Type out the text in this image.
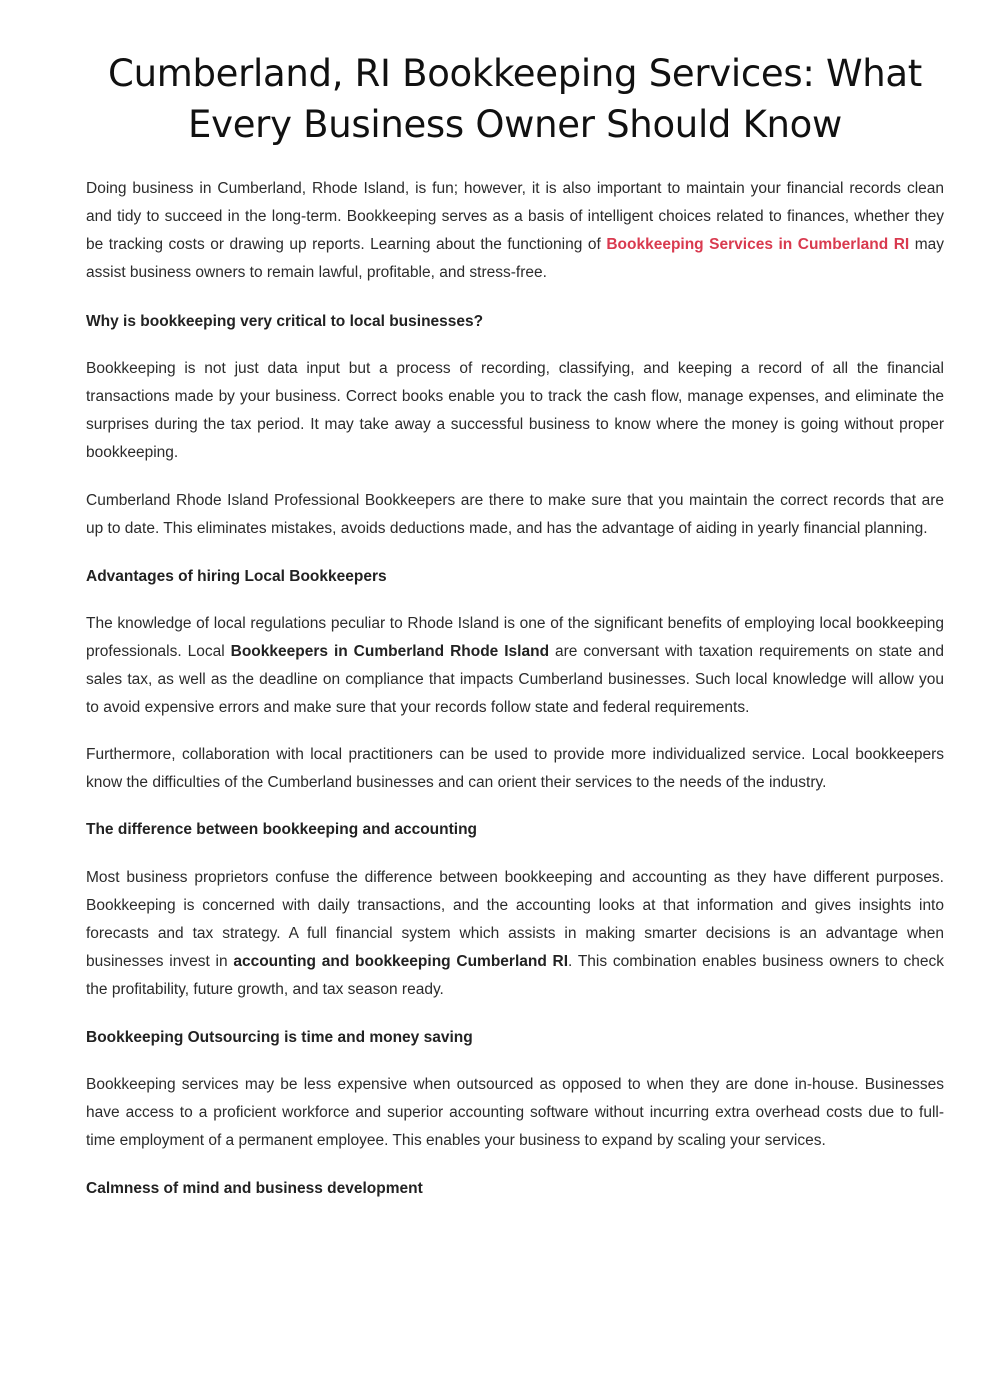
Cumberland, RI Bookkeeping Services: What Every Business Owner Should Know

Doing business in Cumberland, Rhode Island, is fun; however, it is also important to maintain your financial records clean and tidy to succeed in the long-term. Bookkeeping serves as a basis of intelligent choices related to finances, whether they be tracking costs or drawing up reports. Learning about the functioning of Bookkeeping Services in Cumberland RI may assist business owners to remain lawful, profitable, and stress-free.

Why is bookkeeping very critical to local businesses?

Bookkeeping is not just data input but a process of recording, classifying, and keeping a record of all the financial transactions made by your business. Correct books enable you to track the cash flow, manage expenses, and eliminate the surprises during the tax period. It may take away a successful business to know where the money is going without proper bookkeeping.

Cumberland Rhode Island Professional Bookkeepers are there to make sure that you maintain the correct records that are up to date. This eliminates mistakes, avoids deductions made, and has the advantage of aiding in yearly financial planning.

Advantages of hiring Local Bookkeepers

The knowledge of local regulations peculiar to Rhode Island is one of the significant benefits of employing local bookkeeping professionals. Local Bookkeepers in Cumberland Rhode Island are conversant with taxation requirements on state and sales tax, as well as the deadline on compliance that impacts Cumberland businesses. Such local knowledge will allow you to avoid expensive errors and make sure that your records follow state and federal requirements.

Furthermore, collaboration with local practitioners can be used to provide more individualized service. Local bookkeepers know the difficulties of the Cumberland businesses and can orient their services to the needs of the industry.

The difference between bookkeeping and accounting

Most business proprietors confuse the difference between bookkeeping and accounting as they have different purposes. Bookkeeping is concerned with daily transactions, and the accounting looks at that information and gives insights into forecasts and tax strategy. A full financial system which assists in making smarter decisions is an advantage when businesses invest in accounting and bookkeeping Cumberland RI. This combination enables business owners to check the profitability, future growth, and tax season ready.

Bookkeeping Outsourcing is time and money saving

Bookkeeping services may be less expensive when outsourced as opposed to when they are done in-house. Businesses have access to a proficient workforce and superior accounting software without incurring extra overhead costs due to full-time employment of a permanent employee. This enables your business to expand by scaling your services.

Calmness of mind and business development
